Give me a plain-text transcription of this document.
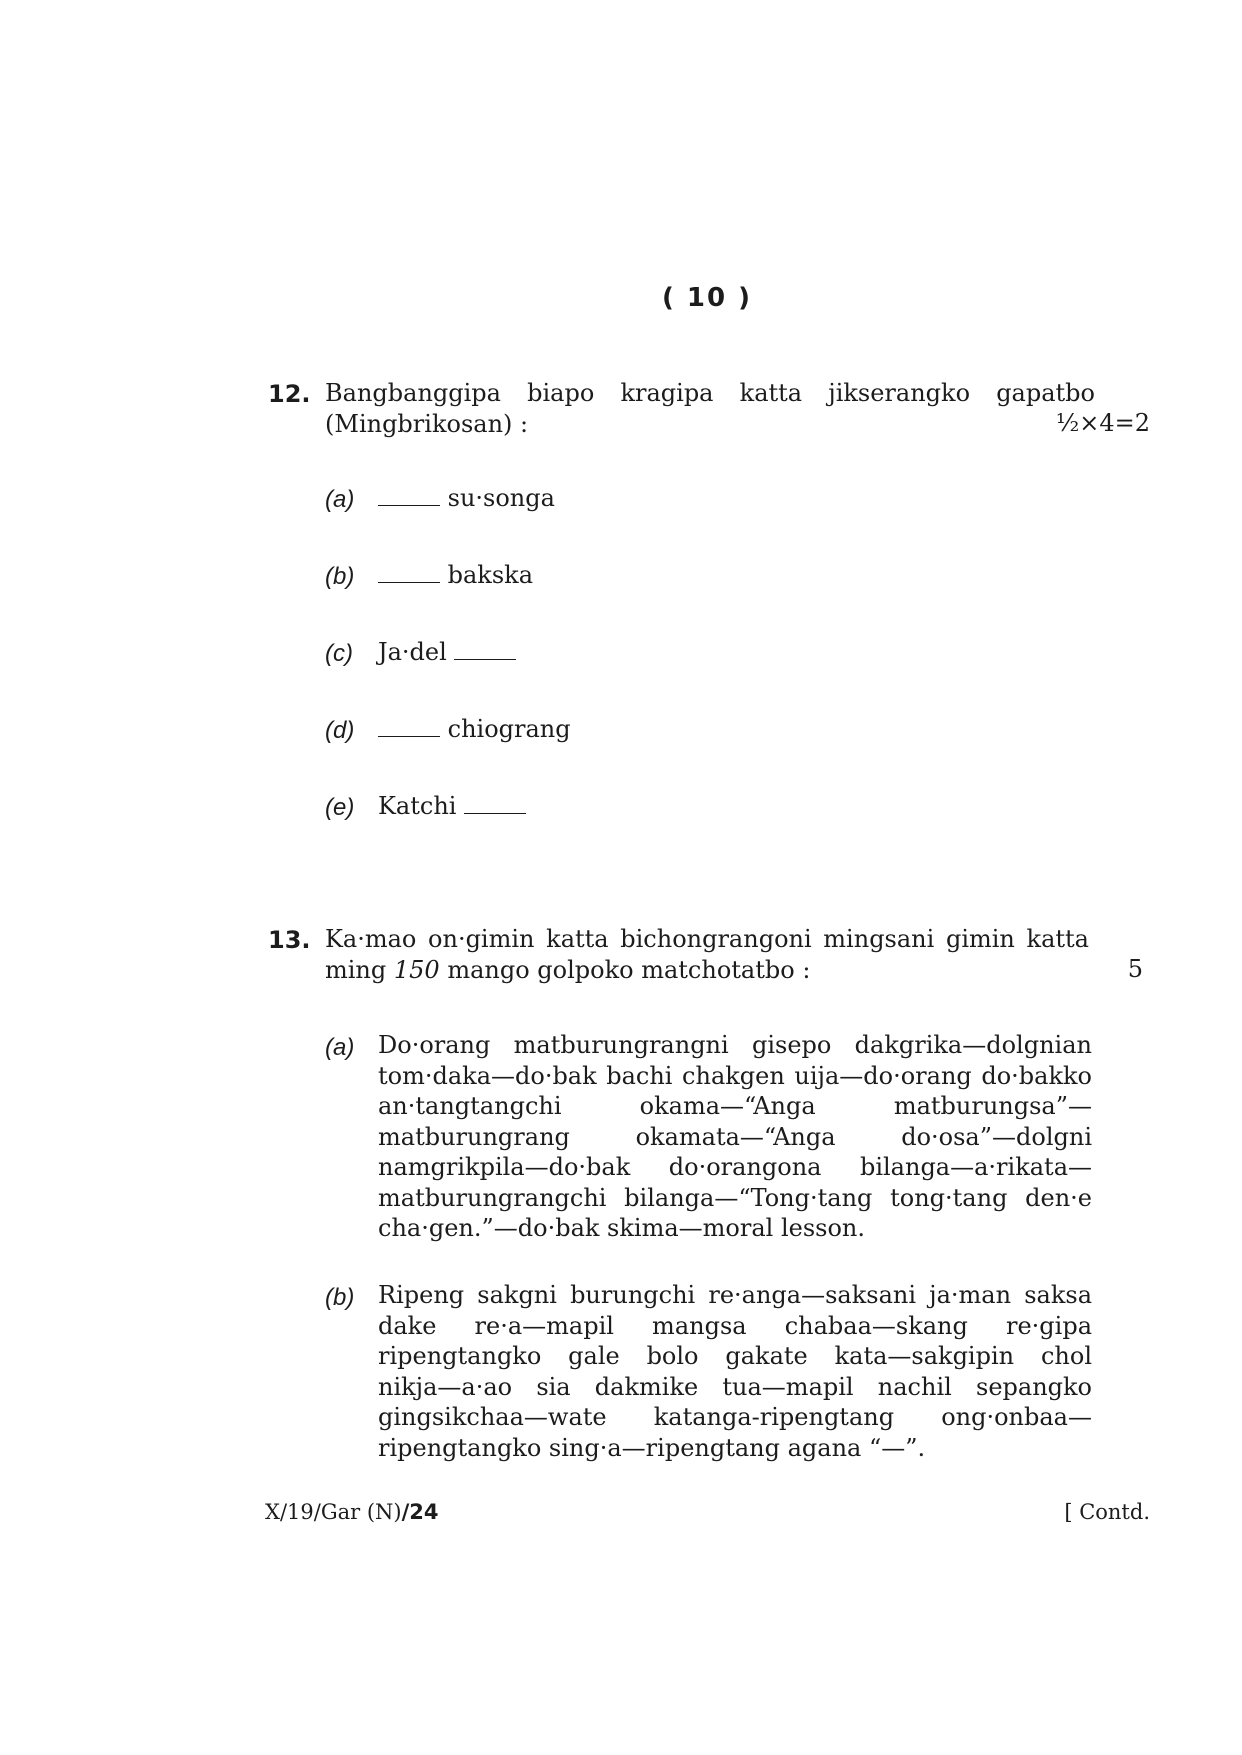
( 10 )
12. Bangbanggipa biapo kragipa katta jikserangko gapatbo
(Mingbrikosan) :	½×4=2
(a)	su·songa
(b)	bakska
(c) Ja·del
(d)	chiograng
(e) Katchi
13. Ka·mao on·gimin katta bichongrangoni mingsani gimin katta
ming 150 mango golpoko matchotatbo :	5
(a) Do·orang matburungrangni gisepo dakgrika—dolgnian
tom·daka—do·bak bachi chakgen uija—do·orang do·bakko
an·tangtangchi okama—“Anga matburungsa”—
matburungrang okamata—“Anga do·osa”—dolgni
namgrikpila—do·bak do·orangona bilanga—a·rikata—
matburungrangchi bilanga—“Tong·tang tong·tang den·e
cha·gen.”—do·bak skima—moral lesson.
(b) Ripeng sakgni burungchi re·anga—saksani ja·man saksa
dake re·a—mapil mangsa chabaa—skang re·gipa
ripengtangko gale bolo gakate kata—sakgipin chol
nikja—a·ao sia dakmike tua—mapil nachil sepangko
gingsikchaa—wate katanga-ripengtang ong·onbaa—
ripengtangko sing·a—ripengtang agana “—”.
X/19/Gar (N)/24	[ Contd.
